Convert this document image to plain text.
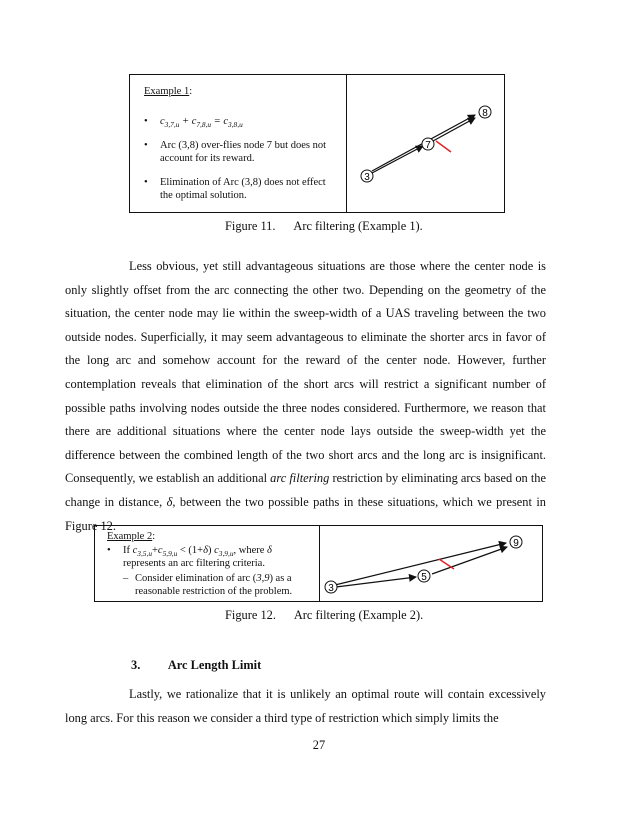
Example 1:
•	$c_{3,7,u} + c_{7,8,u} = c_{3,8,u}$
•	Arc (3,8) over-flies node 7 but does not
account for its reward.
•	Elimination of Arc (3,8) does not effect
the optimal solution.
3
7
8
Figure 11.      Arc filtering (Example 1).
Less obvious, yet still advantageous situations are those where the center node is only slightly offset from the arc connecting the other two. Depending on the geometry of the situation, the center node may lie within the sweep-width of a UAS traveling between the two outside nodes. Superficially, it may seem advantageous to eliminate the shorter arcs in favor of the long arc and somehow account for the reward of the center node. However, further contemplation reveals that elimination of the short arcs will restrict a significant number of possible paths involving nodes outside the three nodes considered. Furthermore, we reason that there are additional situations where the center node lays outside the sweep-width yet the difference between the combined length of the two short arcs and the long arc is insignificant. Consequently, we establish an additional arc filtering restriction by eliminating arcs based on the change in distance, δ, between the two possible paths in these situations, which we present in Figure 12.
Example 2:
•	If $c_{3,5,u}+c_{5,9,u} < (1+\delta)$ $c_{3,9,u}$, where δ
represents an arc filtering criteria.
– Consider elimination of arc (3,9) as a
reasonable restriction of the problem.	3
5
9
Figure 12.      Arc filtering (Example 2).
3. Arc Length Limit
Lastly, we rationalize that it is unlikely an optimal route will contain excessively long arcs. For this reason we consider a third type of restriction which simply limits the
27
